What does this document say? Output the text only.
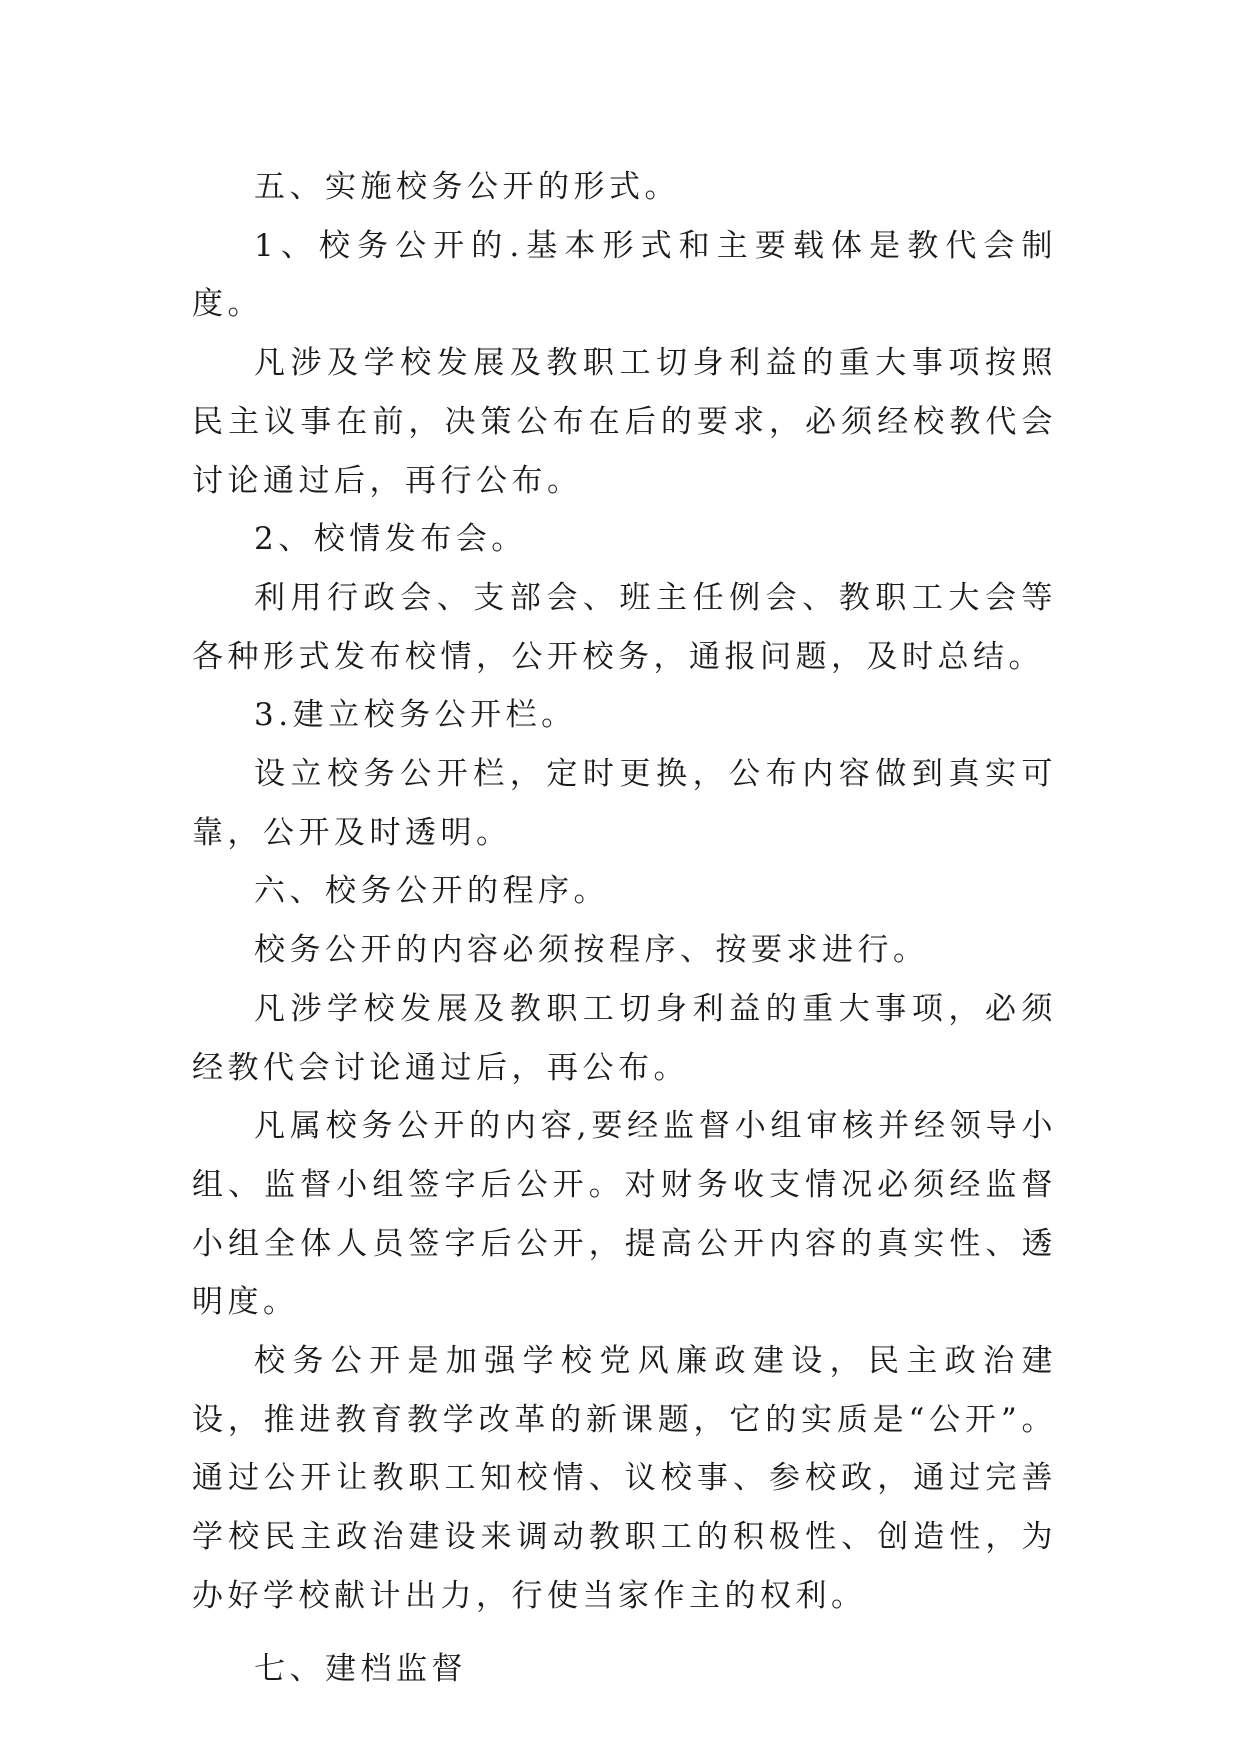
五、实施校务公开的形式。

1、校务公开的.基本形式和主要载体是教代会制度。

凡涉及学校发展及教职工切身利益的重大事项按照民主议事在前，决策公布在后的要求，必须经校教代会讨论通过后，再行公布。

2、校情发布会。

利用行政会、支部会、班主任例会、教职工大会等各种形式发布校情，公开校务，通报问题，及时总结。

3.建立校务公开栏。

设立校务公开栏，定时更换，公布内容做到真实可靠，公开及时透明。

六、校务公开的程序。

校务公开的内容必须按程序、按要求进行。

凡涉学校发展及教职工切身利益的重大事项，必须经教代会讨论通过后，再公布。

凡属校务公开的内容,要经监督小组审核并经领导小组、监督小组签字后公开。对财务收支情况必须经监督小组全体人员签字后公开，提高公开内容的真实性、透明度。

校务公开是加强学校党风廉政建设，民主政治建设，推进教育教学改革的新课题，它的实质是“公开”。通过公开让教职工知校情、议校事、参校政，通过完善学校民主政治建设来调动教职工的积极性、创造性，为办好学校献计出力，行使当家作主的权利。

七、建档监督
